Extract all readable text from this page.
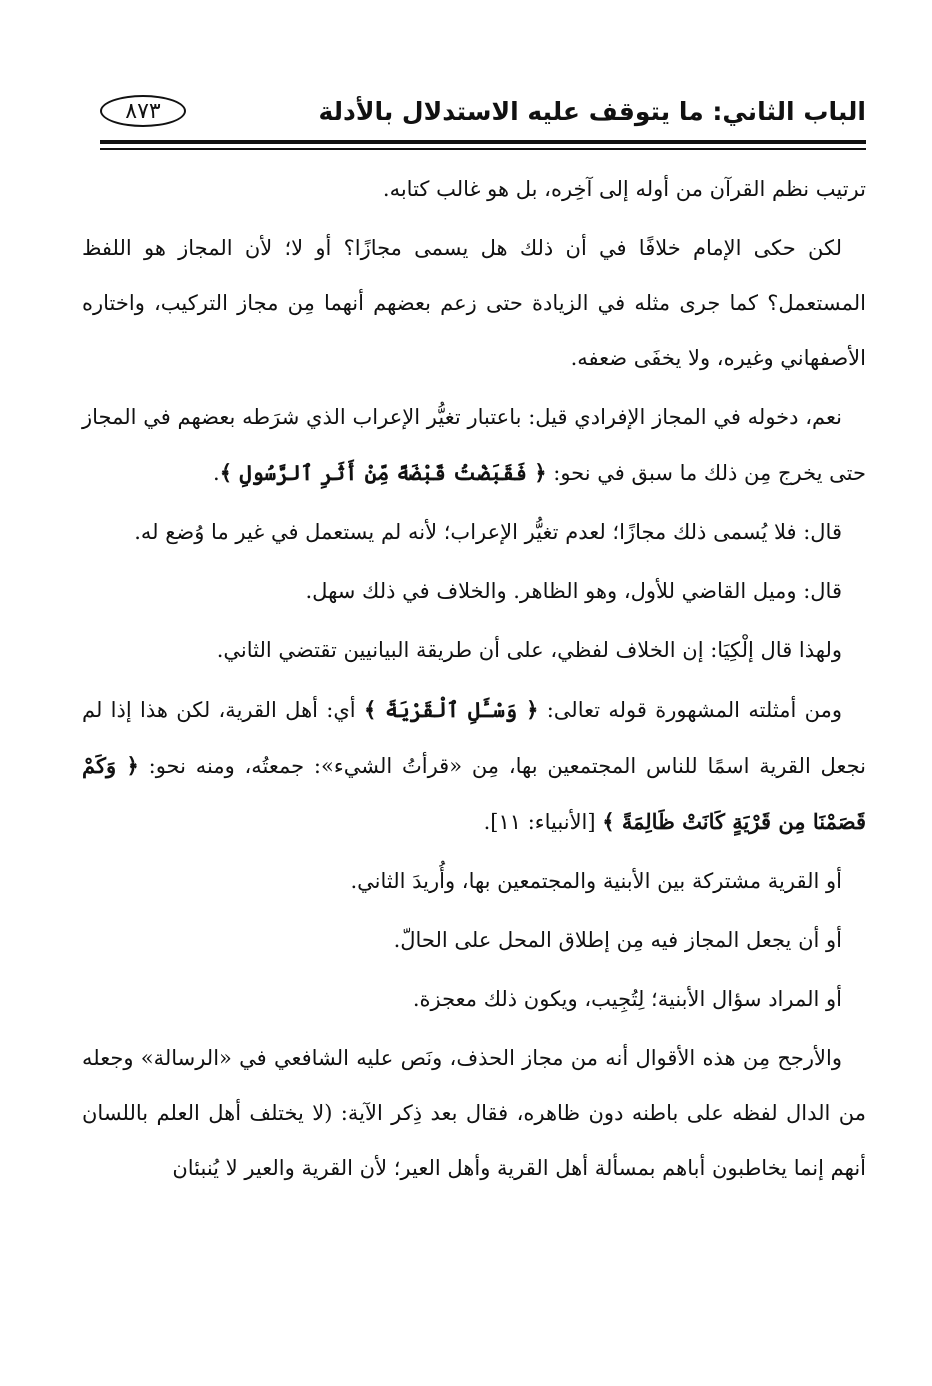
الباب الثاني: ما يتوقف عليه الاستدلال بالأدلة
٨٧٣

ترتيب نظم القرآن من أوله إلى آخِره، بل هو غالب كتابه.

لكن حكى الإمام خلافًا في أن ذلك هل يسمى مجازًا؟ أو لا؛ لأن المجاز هو اللفظ المستعمل؟ كما جرى مثله في الزيادة حتى زعم بعضهم أنهما مِن مجاز التركيب، واختاره الأصفهاني وغيره، ولا يخفَى ضعفه.

نعم، دخوله في المجاز الإفرادي قيل: باعتبار تغيُّر الإعراب الذي شرَطه بعضهم في المجاز حتى يخرج مِن ذلك ما سبق في نحو: ﴿ فَقَبَضْتُ قَبْضَةً مِّنْ أَثَرِ ٱلرَّسُولِ ﴾.

قال: فلا يُسمى ذلك مجازًا؛ لعدم تغيُّر الإعراب؛ لأنه لم يستعمل في غير ما وُضع له.

قال: وميل القاضي للأول، وهو الظاهر. والخلاف في ذلك سهل.

ولهذا قال إلْكِيَا: إن الخلاف لفظي، على أن طريقة البيانيين تقتضي الثاني.

ومن أمثلته المشهورة قوله تعالى: ﴿ وَسْـَٔلِ ٱلْقَرْيَةَ ﴾ أي: أهل القرية، لكن هذا إذا لم نجعل القرية اسمًا للناس المجتمعين بها، مِن «قرأتُ الشيء»: جمعتُه، ومنه نحو: ﴿ وَكَمْ قَصَمْنَا مِن قَرْيَةٍ كَانَتْ ظَالِمَةً ﴾ [الأنبياء: ١١].

أو القرية مشتركة بين الأبنية والمجتمعين بها، وأُريدَ الثاني.

أو أن يجعل المجاز فيه مِن إطلاق المحل على الحالّ.

أو المراد سؤال الأبنية؛ لِتُجِيب، ويكون ذلك معجزة.

والأرجح مِن هذه الأقوال أنه من مجاز الحذف، ونَص عليه الشافعي في «الرسالة» وجعله من الدال لفظه على باطنه دون ظاهره، فقال بعد ذِكر الآية: (لا يختلف أهل العلم باللسان أنهم إنما يخاطبون أباهم بمسألة أهل القرية وأهل العير؛ لأن القرية والعير لا يُنبئان
